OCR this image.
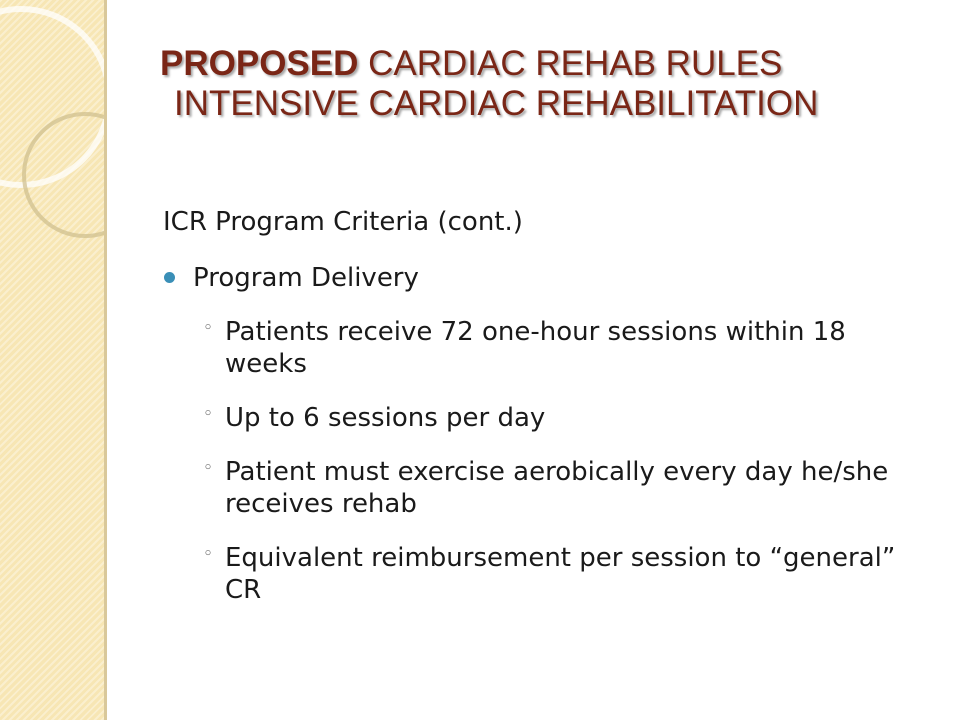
PROPOSED CARDIAC REHAB RULES
INTENSIVE CARDIAC REHABILITATION
ICR Program Criteria (cont.)
Program Delivery
◦ Patients receive 72 one-hour sessions within 18 weeks
◦ Up to 6 sessions per day
◦ Patient must exercise aerobically every day he/she receives rehab
◦ Equivalent reimbursement per session to “general” CR
